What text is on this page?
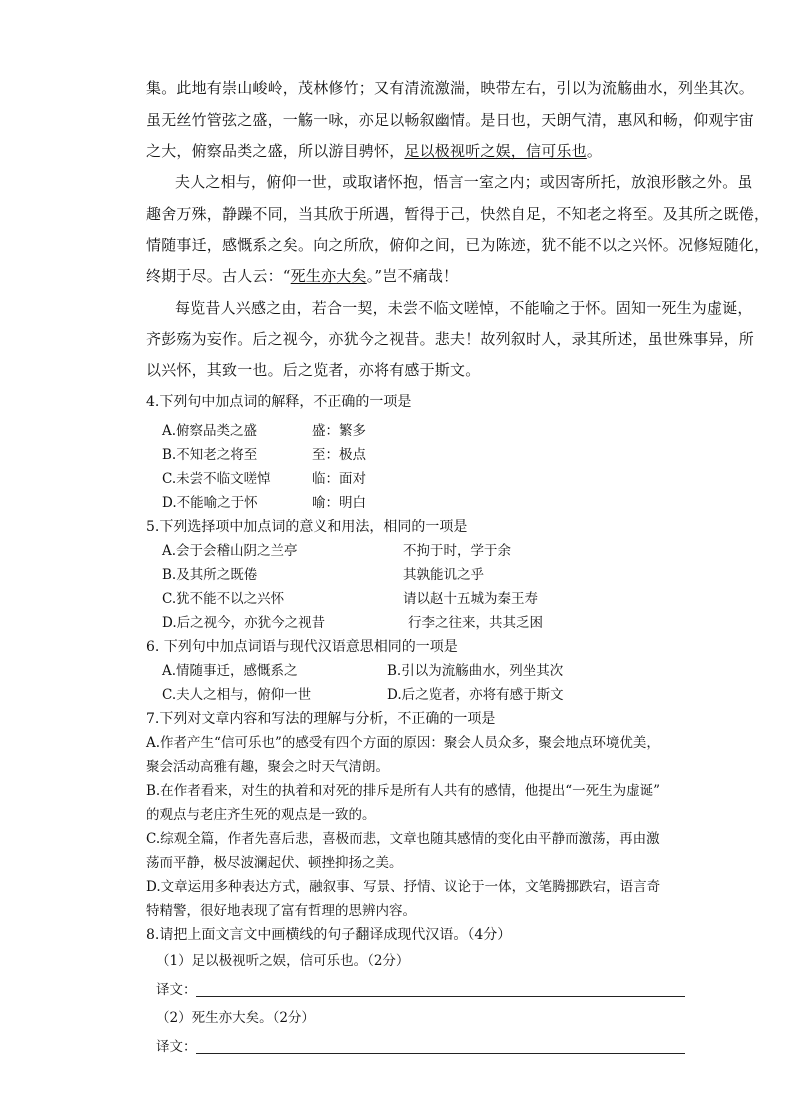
集。此地有崇山峻岭，茂林修竹；又有清流激湍，映带左右，引以为流觞曲水，列坐其次。
虽无丝竹管弦之盛，一觞一咏，亦足以畅叙幽情。是日也，天朗气清，惠风和畅，仰观宇宙
之大，俯察品类之盛，所以游目骋怀，足以极视听之娱，信可乐也。
夫人之相与，俯仰一世，或取诸怀抱，悟言一室之内；或因寄所托，放浪形骸之外。虽
趣舍万殊，静躁不同，当其欣于所遇，暂得于己，快然自足，不知老之将至。及其所之既倦，
情随事迁，感慨系之矣。向之所欣，俯仰之间，已为陈迹，犹不能不以之兴怀。况修短随化，
终期于尽。古人云：“死生亦大矣。”岂不痛哉！
每览昔人兴感之由，若合一契，未尝不临文嗟悼，不能喻之于怀。固知一死生为虚诞，
齐彭殇为妄作。后之视今，亦犹今之视昔。悲夫！故列叙时人，录其所述，虽世殊事异，所
以兴怀，其致一也。后之览者，亦将有感于斯文。
4.下列句中加点词的解释，不正确的一项是
A.俯察品类之盛	盛：繁多
B.不知老之将至	至：极点
C.未尝不临文嗟悼	临：面对
D.不能喻之于怀	喻：明白
5.下列选择项中加点词的意义和用法，相同的一项是
A.会于会稽山阴之兰亭	不拘于时，学于余
B.及其所之既倦	其孰能讥之乎
C.犹不能不以之兴怀	请以赵十五城为秦王寿
D.后之视今，亦犹今之视昔	行李之往来，共其乏困
6. 下列句中加点词语与现代汉语意思相同的一项是
A.情随事迁，感慨系之	B.引以为流觞曲水，列坐其次
C.夫人之相与，俯仰一世	D.后之览者，亦将有感于斯文
7.下列对文章内容和写法的理解与分析，不正确的一项是
A.作者产生“信可乐也”的感受有四个方面的原因：聚会人员众多，聚会地点环境优美，
聚会活动高雅有趣，聚会之时天气清朗。
B.在作者看来，对生的执着和对死的排斥是所有人共有的感情，他提出“一死生为虚诞”
的观点与老庄齐生死的观点是一致的。
C.综观全篇，作者先喜后悲，喜极而悲，文章也随其感情的变化由平静而激荡，再由激
荡而平静，极尽波澜起伏、顿挫抑扬之美。
D.文章运用多种表达方式，融叙事、写景、抒情、议论于一体，文笔腾挪跌宕，语言奇
特精警，很好地表现了富有哲理的思辨内容。
8.请把上面文言文中画横线的句子翻译成现代汉语。（4分）
（1）足以极视听之娱，信可乐也。（2分）
译文：
（2）死生亦大矣。（2分）
译文：
